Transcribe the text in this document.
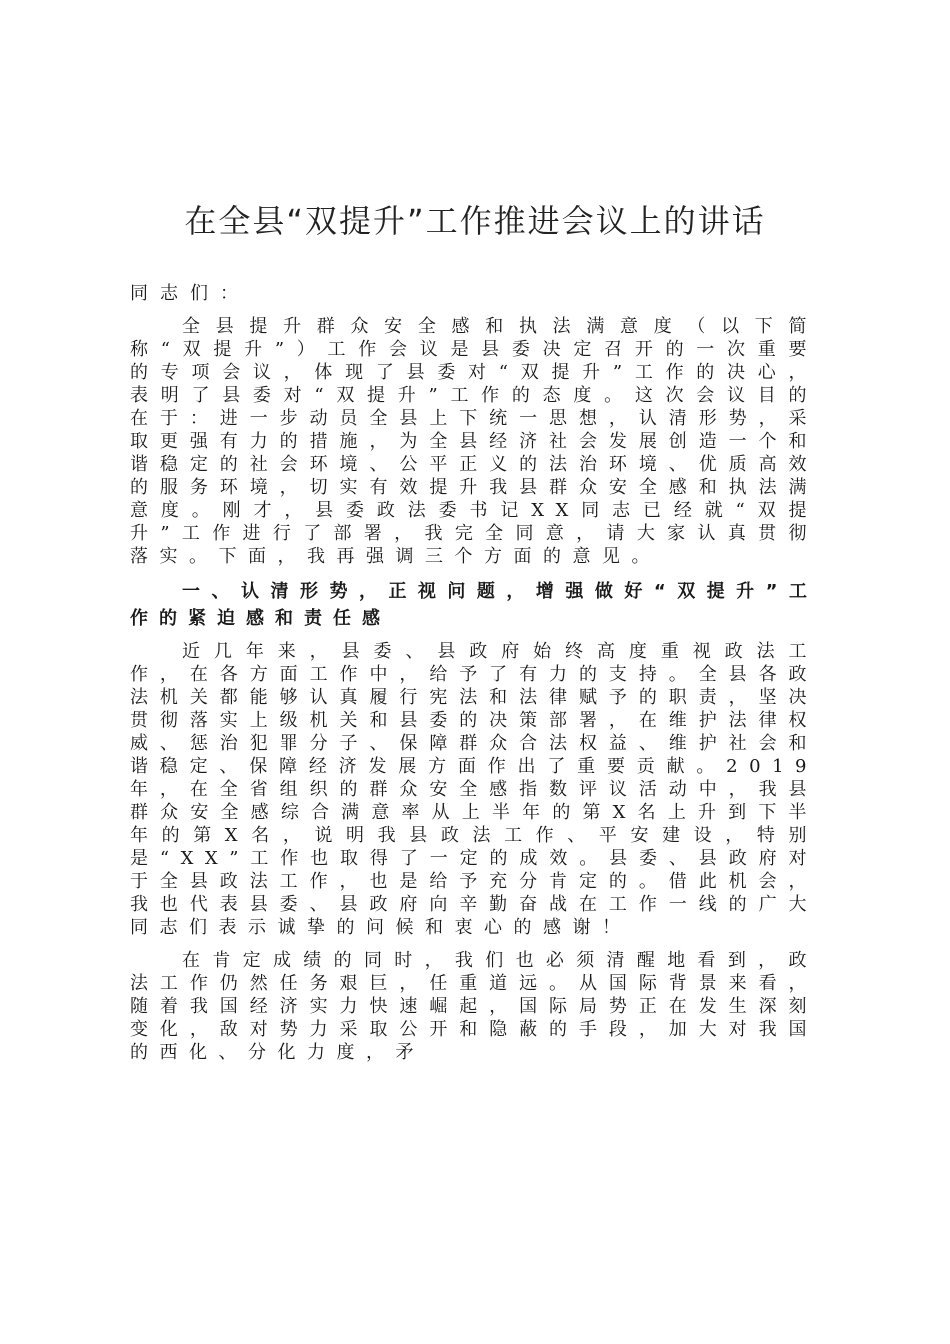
在全县“双提升”工作推进会议上的讲话

同志们：

全县提升群众安全感和执法满意度（以下简称“双提升”）工作会议是县委决定召开的一次重要的专项会议，体现了县委对“双提升”工作的决心，表明了县委对“双提升”工作的态度。这次会议目的在于：进一步动员全县上下统一思想，认清形势，采取更强有力的措施，为全县经济社会发展创造一个和谐稳定的社会环境、公平正义的法治环境、优质高效的服务环境，切实有效提升我县群众安全感和执法满意度。刚才，县委政法委书记XX同志已经就“双提升”工作进行了部署，我完全同意，请大家认真贯彻落实。下面，我再强调三个方面的意见。

一、认清形势，正视问题，增强做好“双提升”工作的紧迫感和责任感

近几年来，县委、县政府始终高度重视政法工作，在各方面工作中，给予了有力的支持。全县各政法机关都能够认真履行宪法和法律赋予的职责，坚决贯彻落实上级机关和县委的决策部署，在维护法律权威、惩治犯罪分子、保障群众合法权益、维护社会和谐稳定、保障经济发展方面作出了重要贡献。2019年，在全省组织的群众安全感指数评议活动中，我县群众安全感综合满意率从上半年的第X名上升到下半年的第X名，说明我县政法工作、平安建设，特别是“XX”工作也取得了一定的成效。县委、县政府对于全县政法工作，也是给予充分肯定的。借此机会，我也代表县委、县政府向辛勤奋战在工作一线的广大同志们表示诚挚的问候和衷心的感谢！

在肯定成绩的同时，我们也必须清醒地看到，政法工作仍然任务艰巨，任重道远。从国际背景来看，随着我国经济实力快速崛起，国际局势正在发生深刻变化，敌对势力采取公开和隐蔽的手段，加大对我国的西化、分化力度，矛
